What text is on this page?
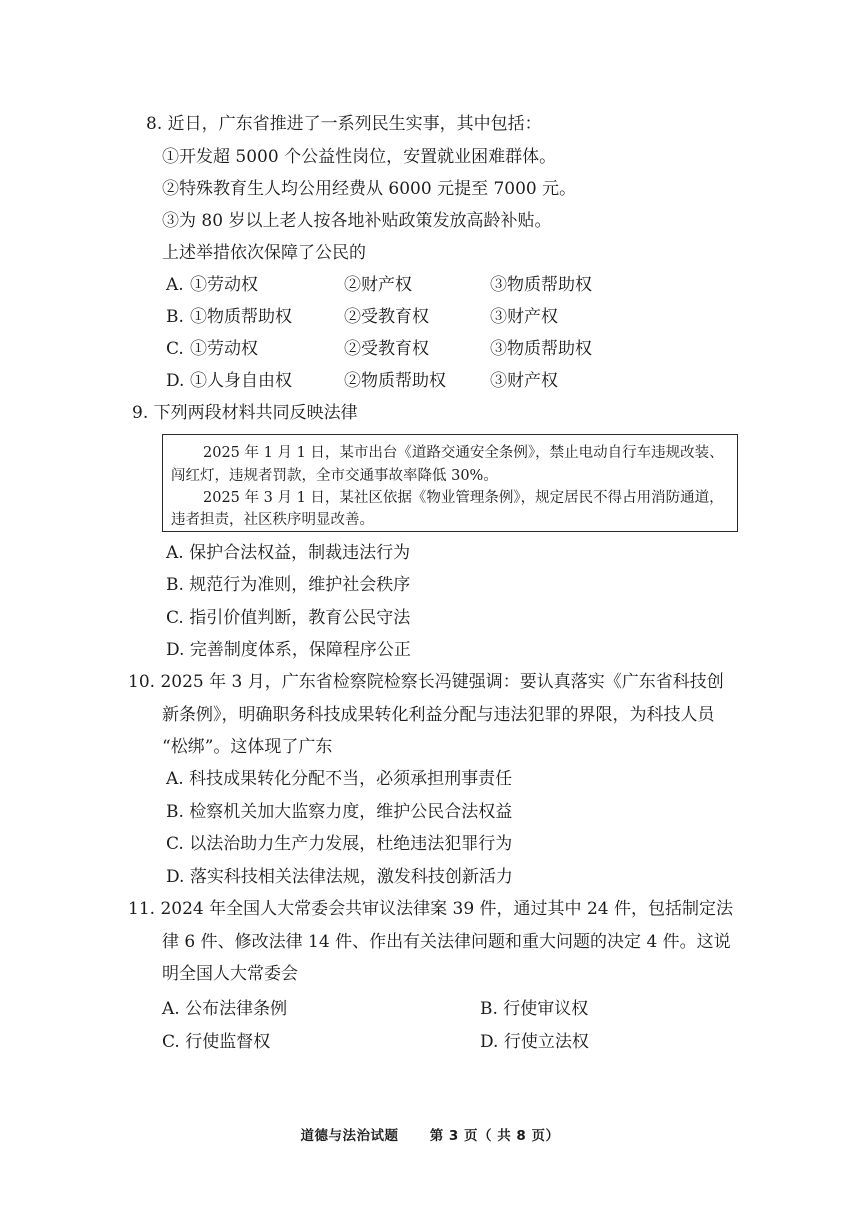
8. 近日，广东省推进了一系列民生实事，其中包括：
①开发超 5000 个公益性岗位，安置就业困难群体。
②特殊教育生人均公用经费从 6000 元提至 7000 元。
③为 80 岁以上老人按各地补贴政策发放高龄补贴。
上述举措依次保障了公民的
A. ①劳动权	②财产权	③物质帮助权
B. ①物质帮助权	②受教育权	③财产权
C. ①劳动权	②受教育权	③物质帮助权
D. ①人身自由权	②物质帮助权	③财产权
9. 下列两段材料共同反映法律
2025 年 1 月 1 日，某市出台《道路交通安全条例》，禁止电动自行车违规改装、
闯红灯，违规者罚款，全市交通事故率降低 30%。
2025 年 3 月 1 日，某社区依据《物业管理条例》，规定居民不得占用消防通道，
违者担责，社区秩序明显改善。
A. 保护合法权益，制裁违法行为
B. 规范行为准则，维护社会秩序
C. 指引价值判断，教育公民守法
D. 完善制度体系，保障程序公正
10. 2025 年 3 月，广东省检察院检察长冯键强调：要认真落实《广东省科技创
新条例》，明确职务科技成果转化利益分配与违法犯罪的界限，为科技人员
“松绑”。这体现了广东
A. 科技成果转化分配不当，必须承担刑事责任
B. 检察机关加大监察力度，维护公民合法权益
C. 以法治助力生产力发展，杜绝违法犯罪行为
D. 落实科技相关法律法规，激发科技创新活力
11. 2024 年全国人大常委会共审议法律案 39 件，通过其中 24 件，包括制定法
律 6 件、修改法律 14 件、作出有关法律问题和重大问题的决定 4 件。这说
明全国人大常委会
A. 公布法律条例	B. 行使审议权
C. 行使监督权	D. 行使立法权
道德与法治试题 第 3 页（ 共 8 页）
